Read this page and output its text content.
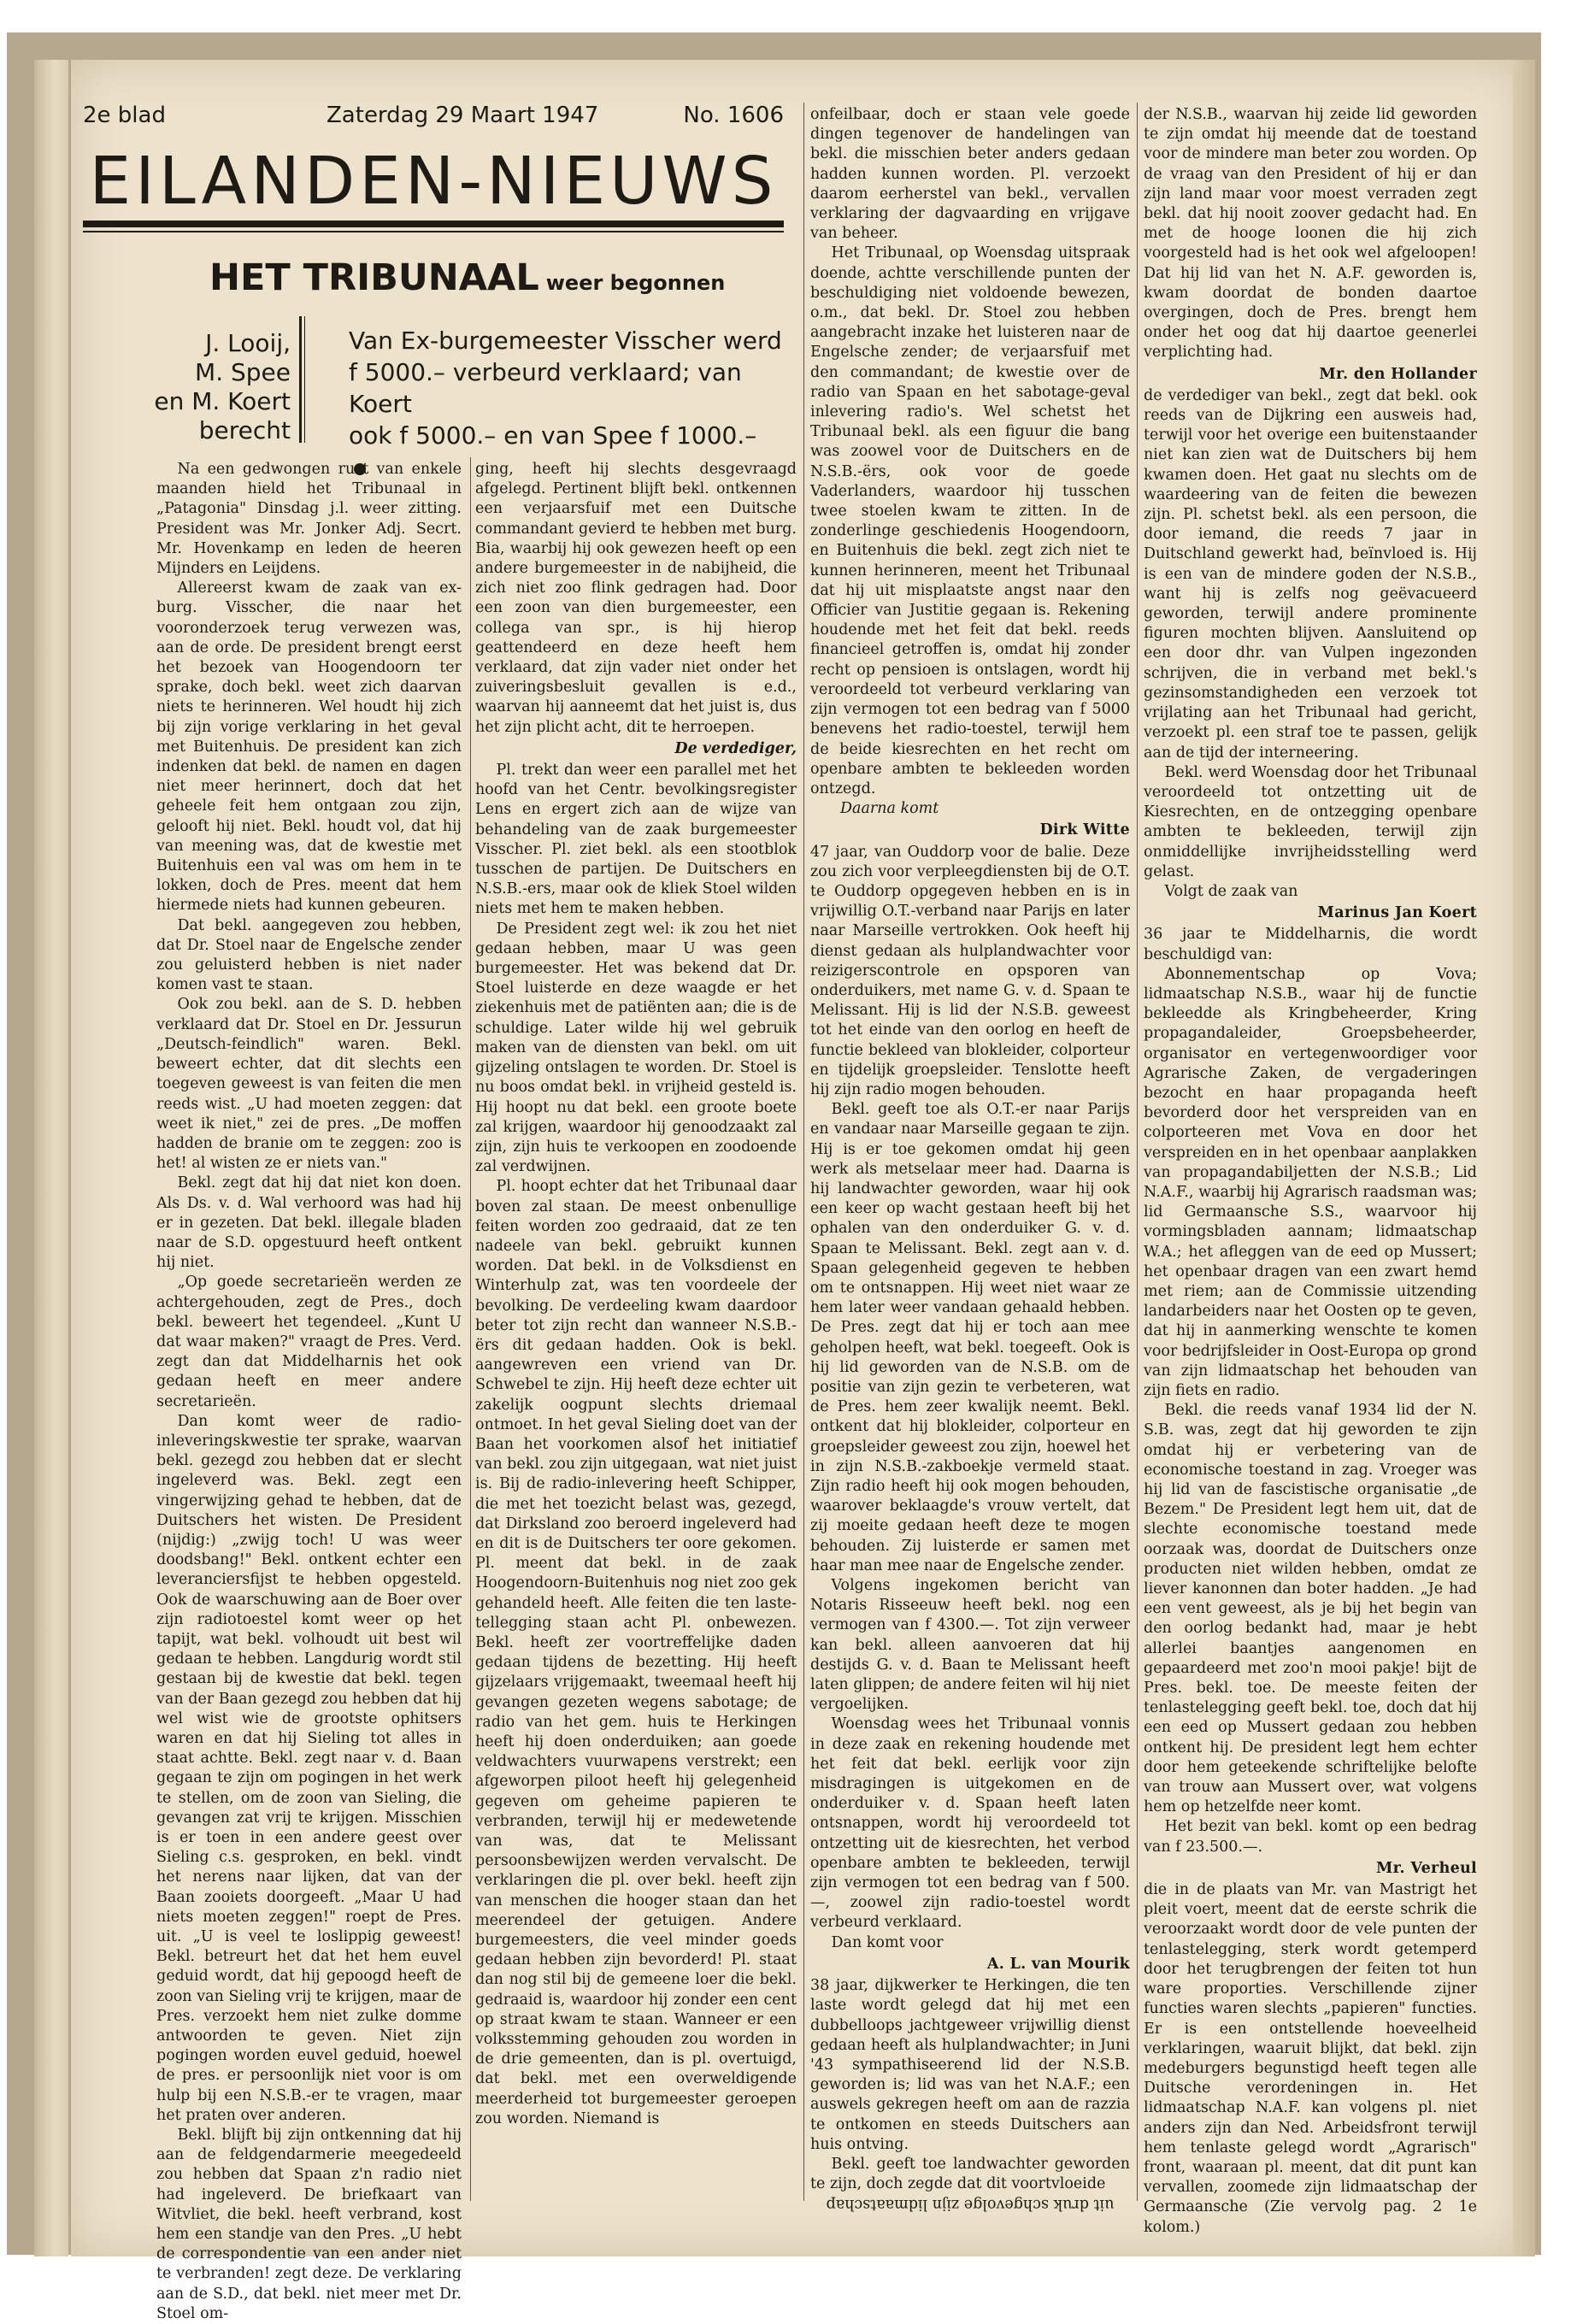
2e blad	Zaterdag 29 Maart 1947	No. 1606
EILANDEN-NIEUWS
HET TRIBUNAAL weer begonnen
J. Looij,
M. Spee
en M. Koert
berecht
Van Ex-burgemeester Visscher werd
f 5000.– verbeurd verklaard; van Koert
ook f 5000.– en van Spee f 1000.–

Na een gedwongen rust van enkele maanden hield het Tribunaal in „Patagonia" Dinsdag j.l. weer zitting. President was Mr. Jonker Adj. Secrt. Mr. Hovenkamp en leden de heeren Mijnders en Leijdens.

Allereerst kwam de zaak van ex-burg. Visscher, die naar het vooronderzoek terug verwezen was, aan de orde. De president brengt eerst het bezoek van Hoogendoorn ter sprake, doch bekl. weet zich daarvan niets te herinneren. Wel houdt hij zich bij zijn vorige verklaring in het geval met Buitenhuis. De president kan zich indenken dat bekl. de namen en dagen niet meer herinnert, doch dat het geheele feit hem ontgaan zou zijn, gelooft hij niet. Bekl. houdt vol, dat hij van meening was, dat de kwestie met Buitenhuis een val was om hem in te lokken, doch de Pres. meent dat hem hiermede niets had kunnen gebeuren.

Dat bekl. aangegeven zou hebben, dat Dr. Stoel naar de Engelsche zender zou geluisterd hebben is niet nader komen vast te staan.

Ook zou bekl. aan de S. D. hebben verklaard dat Dr. Stoel en Dr. Jessurun „Deutsch-feindlich" waren. Bekl. beweert echter, dat dit slechts een toegeven geweest is van feiten die men reeds wist. „U had moeten zeggen: dat weet ik niet," zei de pres. „De moffen hadden de branie om te zeggen: zoo is het! al wisten ze er niets van."

Bekl. zegt dat hij dat niet kon doen. Als Ds. v. d. Wal verhoord was had hij er in gezeten. Dat bekl. illegale bladen naar de S.D. opgestuurd heeft ontkent hij niet.

„Op goede secretarieën werden ze achtergehouden, zegt de Pres., doch bekl. beweert het tegendeel. „Kunt U dat waar maken?" vraagt de Pres. Verd. zegt dan dat Middelharnis het ook gedaan heeft en meer andere secretarieën.

Dan komt weer de radio-inleveringskwestie ter sprake, waarvan bekl. gezegd zou hebben dat er slecht ingeleverd was. Bekl. zegt een vingerwijzing gehad te hebben, dat de Duitschers het wisten. De President (nijdig:) „zwijg toch! U was weer doodsbang!" Bekl. ontkent echter een leveranciersfijst te hebben opgesteld. Ook de waarschuwing aan de Boer over zijn radiotoestel komt weer op het tapijt, wat bekl. volhoudt uit best wil gedaan te hebben. Langdurig wordt stil gestaan bij de kwestie dat bekl. tegen van der Baan gezegd zou hebben dat hij wel wist wie de grootste ophitsers waren en dat hij Sieling tot alles in staat achtte. Bekl. zegt naar v. d. Baan gegaan te zijn om pogingen in het werk te stellen, om de zoon van Sieling, die gevangen zat vrij te krijgen. Misschien is er toen in een andere geest over Sieling c.s. gesproken, en bekl. vindt het nerens naar lijken, dat van der Baan zooiets doorgeeft. „Maar U had niets moeten zeggen!" roept de Pres. uit. „U is veel te loslippig geweest! Bekl. betreurt het dat het hem euvel geduid wordt, dat hij gepoogd heeft de zoon van Sieling vrij te krijgen, maar de Pres. verzoekt hem niet zulke domme antwoorden te geven. Niet zijn pogingen worden euvel geduid, hoewel de pres. er persoonlijk niet voor is om hulp bij een N.S.B.-er te vragen, maar het praten over anderen.

Bekl. blijft bij zijn ontkenning dat hij aan de feldgendarmerie meegedeeld zou hebben dat Spaan z'n radio niet had ingeleverd. De briefkaart van Witvliet, die bekl. heeft verbrand, kost hem een standje van den Pres. „U hebt de correspondentie van een ander niet te verbranden! zegt deze. De verklaring aan de S.D., dat bekl. niet meer met Dr. Stoel om-

ging, heeft hij slechts desgevraagd afgelegd. Pertinent blijft bekl. ontkennen een verjaarsfuif met een Duitsche commandant gevierd te hebben met burg. Bia, waarbij hij ook gewezen heeft op een andere burgemeester in de nabijheid, die zich niet zoo flink gedragen had. Door een zoon van dien burgemeester, een collega van spr., is hij hierop geattendeerd en deze heeft hem verklaard, dat zijn vader niet onder het zuiveringsbesluit gevallen is e.d., waarvan hij aanneemt dat het juist is, dus het zijn plicht acht, dit te herroepen.

De verdediger,

Pl. trekt dan weer een parallel met het hoofd van het Centr. bevolkingsregister Lens en ergert zich aan de wijze van behandeling van de zaak burgemeester Visscher. Pl. ziet bekl. als een stootblok tusschen de partijen. De Duitschers en N.S.B.-ers, maar ook de kliek Stoel wilden niets met hem te maken hebben.

De President zegt wel: ik zou het niet gedaan hebben, maar U was geen burgemeester. Het was bekend dat Dr. Stoel luisterde en deze waagde er het ziekenhuis met de patiënten aan; die is de schuldige. Later wilde hij wel gebruik maken van de diensten van bekl. om uit gijzeling ontslagen te worden. Dr. Stoel is nu boos omdat bekl. in vrijheid gesteld is. Hij hoopt nu dat bekl. een groote boete zal krijgen, waardoor hij genoodzaakt zal zijn, zijn huis te verkoopen en zoodoende zal verdwijnen.

Pl. hoopt echter dat het Tribunaal daar boven zal staan. De meest onbenullige feiten worden zoo gedraaid, dat ze ten nadeele van bekl. gebruikt kunnen worden. Dat bekl. in de Volksdienst en Winterhulp zat, was ten voordeele der bevolking. De verdeeling kwam daardoor beter tot zijn recht dan wanneer N.S.B.-ërs dit gedaan hadden. Ook is bekl. aangewreven een vriend van Dr. Schwebel te zijn. Hij heeft deze echter uit zakelijk oogpunt slechts driemaal ontmoet. In het geval Sieling doet van der Baan het voorkomen alsof het initiatief van bekl. zou zijn uitgegaan, wat niet juist is. Bij de radio-inlevering heeft Schipper, die met het toezicht belast was, gezegd, dat Dirksland zoo beroerd ingeleverd had en dit is de Duitschers ter oore gekomen. Pl. meent dat bekl. in de zaak Hoogendoorn-Buitenhuis nog niet zoo gek gehandeld heeft. Alle feiten die ten laste-tellegging staan acht Pl. onbewezen. Bekl. heeft zer voortreffelijke daden gedaan tijdens de bezetting. Hij heeft gijzelaars vrijgemaakt, tweemaal heeft hij gevangen gezeten wegens sabotage; de radio van het gem. huis te Herkingen heeft hij doen onderduiken; aan goede veldwachters vuurwapens verstrekt; een afgeworpen piloot heeft hij gelegenheid gegeven om geheime papieren te verbranden, terwijl hij er medewetende van was, dat te Melissant persoonsbewijzen werden vervalscht. De verklaringen die pl. over bekl. heeft zijn van menschen die hooger staan dan het meerendeel der getuigen. Andere burgemeesters, die veel minder goeds gedaan hebben zijn bevorderd! Pl. staat dan nog stil bij de gemeene loer die bekl. gedraaid is, waardoor hij zonder een cent op straat kwam te staan. Wanneer er een volksstemming gehouden zou worden in de drie gemeenten, dan is pl. overtuigd, dat bekl. met een overweldigende meerderheid tot burgemeester geroepen zou worden. Niemand is

onfeilbaar, doch er staan vele goede dingen tegenover de handelingen van bekl. die misschien beter anders gedaan hadden kunnen worden. Pl. verzoekt daarom eerherstel van bekl., vervallen verklaring der dagvaarding en vrijgave van beheer.

Het Tribunaal, op Woensdag uitspraak doende, achtte verschillende punten der beschuldiging niet voldoende bewezen, o.m., dat bekl. Dr. Stoel zou hebben aangebracht inzake het luisteren naar de Engelsche zender; de verjaarsfuif met den commandant; de kwestie over de radio van Spaan en het sabotage-geval inlevering radio's. Wel schetst het Tribunaal bekl. als een figuur die bang was zoowel voor de Duitschers en de N.S.B.-ërs, ook voor de goede Vaderlanders, waardoor hij tusschen twee stoelen kwam te zitten. In de zonderlinge geschiedenis Hoogendoorn, en Buitenhuis die bekl. zegt zich niet te kunnen herinneren, meent het Tribunaal dat hij uit misplaatste angst naar den Officier van Justitie gegaan is. Rekening houdende met het feit dat bekl. reeds financieel getroffen is, omdat hij zonder recht op pensioen is ontslagen, wordt hij veroordeeld tot verbeurd verklaring van zijn vermogen tot een bedrag van f 5000 benevens het radio-toestel, terwijl hem de beide kiesrechten en het recht om openbare ambten te bekleeden worden ontzegd.

Daarna komt

Dirk Witte

47 jaar, van Ouddorp voor de balie. Deze zou zich voor verpleegdiensten bij de O.T. te Ouddorp opgegeven hebben en is in vrijwillig O.T.-verband naar Parijs en later naar Marseille vertrokken. Ook heeft hij dienst gedaan als hulplandwachter voor reizigerscontrole en opsporen van onderduikers, met name G. v. d. Spaan te Melissant. Hij is lid der N.S.B. geweest tot het einde van den oorlog en heeft de functie bekleed van blokleider, colporteur en tijdelijk groepsleider. Tenslotte heeft hij zijn radio mogen behouden.

Bekl. geeft toe als O.T.-er naar Parijs en vandaar naar Marseille gegaan te zijn. Hij is er toe gekomen omdat hij geen werk als metselaar meer had. Daarna is hij landwachter geworden, waar hij ook een keer op wacht gestaan heeft bij het ophalen van den onderduiker G. v. d. Spaan te Melissant. Bekl. zegt aan v. d. Spaan gelegenheid gegeven te hebben om te ontsnappen. Hij weet niet waar ze hem later weer vandaan gehaald hebben. De Pres. zegt dat hij er toch aan mee geholpen heeft, wat bekl. toegeeft. Ook is hij lid geworden van de N.S.B. om de positie van zijn gezin te verbeteren, wat de Pres. hem zeer kwalijk neemt. Bekl. ontkent dat hij blokleider, colporteur en groepsleider geweest zou zijn, hoewel het in zijn N.S.B.-zakboekje vermeld staat. Zijn radio heeft hij ook mogen behouden, waarover beklaagde's vrouw vertelt, dat zij moeite gedaan heeft deze te mogen behouden. Zij luisterde er samen met haar man mee naar de Engelsche zender.

Volgens ingekomen bericht van Notaris Risseeuw heeft bekl. nog een vermogen van f 4300.—. Tot zijn verweer kan bekl. alleen aanvoeren dat hij destijds G. v. d. Baan te Melissant heeft laten glippen; de andere feiten wil hij niet vergoelijken.

Woensdag wees het Tribunaal vonnis in deze zaak en rekening houdende met het feit dat bekl. eerlijk voor zijn misdragingen is uitgekomen en de onderduiker v. d. Spaan heeft laten ontsnappen, wordt hij veroordeeld tot ontzetting uit de kiesrechten, het verbod openbare ambten te bekleeden, terwijl zijn vermogen tot een bedrag van f 500.—, zoowel zijn radio-toestel wordt verbeurd verklaard.

Dan komt voor

A. L. van Mourik

38 jaar, dijkwerker te Herkingen, die ten laste wordt gelegd dat hij met een dubbelloops jachtgeweer vrijwillig dienst gedaan heeft als hulplandwachter; in Juni '43 sympathiseerend lid der N.S.B. geworden is; lid was van het N.A.F.; een auswels gekregen heeft om aan de razzia te ontkomen en steeds Duitschers aan huis ontving.

Bekl. geeft toe landwachter geworden te zijn, doch zegde dat dit voortvloeide

uit druk schgevolge zijn lidmaatschap

der N.S.B., waarvan hij zeide lid geworden te zijn omdat hij meende dat de toestand voor de mindere man beter zou worden. Op de vraag van den President of hij er dan zijn land maar voor moest verraden zegt bekl. dat hij nooit zoover gedacht had. En met de hooge loonen die hij zich voorgesteld had is het ook wel afgeloopen! Dat hij lid van het N. A.F. geworden is, kwam doordat de bonden daartoe overgingen, doch de Pres. brengt hem onder het oog dat hij daartoe geenerlei verplichting had.

Mr. den Hollander

de verdediger van bekl., zegt dat bekl. ook reeds van de Dijkring een ausweis had, terwijl voor het overige een buitenstaander niet kan zien wat de Duitschers bij hem kwamen doen. Het gaat nu slechts om de waardeering van de feiten die bewezen zijn. Pl. schetst bekl. als een persoon, die door iemand, die reeds 7 jaar in Duitschland gewerkt had, beïnvloed is. Hij is een van de mindere goden der N.S.B., want hij is zelfs nog geëvacueerd geworden, terwijl andere prominente figuren mochten blijven. Aansluitend op een door dhr. van Vulpen ingezonden schrijven, die in verband met bekl.'s gezinsomstandigheden een verzoek tot vrijlating aan het Tribunaal had gericht, verzoekt pl. een straf toe te passen, gelijk aan de tijd der interneering.

Bekl. werd Woensdag door het Tribunaal veroordeeld tot ontzetting uit de Kiesrechten, en de ontzegging openbare ambten te bekleeden, terwijl zijn onmiddellijke invrijheidsstelling werd gelast.

Volgt de zaak van

Marinus Jan Koert

36 jaar te Middelharnis, die wordt beschuldigd van:

Abonnementschap op Vova; lidmaatschap N.S.B., waar hij de functie bekleedde als Kringbeheerder, Kring propagandaleider, Groepsbeheerder, organisator en vertegenwoordiger voor Agrarische Zaken, de vergaderingen bezocht en haar propaganda heeft bevorderd door het verspreiden van en colporteeren met Vova en door het verspreiden en in het openbaar aanplakken van propagandabiljetten der N.S.B.; Lid N.A.F., waarbij hij Agrarisch raadsman was; lid Germaansche S.S., waarvoor hij vormingsbladen aannam; lidmaatschap W.A.; het afleggen van de eed op Mussert; het openbaar dragen van een zwart hemd met riem; aan de Commissie uitzending landarbeiders naar het Oosten op te geven, dat hij in aanmerking wenschte te komen voor bedrijfsleider in Oost-Europa op grond van zijn lidmaatschap het behouden van zijn fiets en radio.

Bekl. die reeds vanaf 1934 lid der N. S.B. was, zegt dat hij geworden te zijn omdat hij er verbetering van de economische toestand in zag. Vroeger was hij lid van de fascistische organisatie „de Bezem." De President legt hem uit, dat de slechte economische toestand mede oorzaak was, doordat de Duitschers onze producten niet wilden hebben, omdat ze liever kanonnen dan boter hadden. „Je had een vent geweest, als je bij het begin van den oorlog bedankt had, maar je hebt allerlei baantjes aangenomen en gepaardeerd met zoo'n mooi pakje! bijt de Pres. bekl. toe. De meeste feiten der tenlastelegging geeft bekl. toe, doch dat hij een eed op Mussert gedaan zou hebben ontkent hij. De president legt hem echter door hem geteekende schriftelijke belofte van trouw aan Mussert over, wat volgens hem op hetzelfde neer komt.

Het bezit van bekl. komt op een bedrag van f 23.500.—.

Mr. Verheul

die in de plaats van Mr. van Mastrigt het pleit voert, meent dat de eerste schrik die veroorzaakt wordt door de vele punten der tenlastelegging, sterk wordt getemperd door het terugbrengen der feiten tot hun ware proporties. Verschillende zijner functies waren slechts „papieren" functies. Er is een ontstellende hoeveelheid verklaringen, waaruit blijkt, dat bekl. zijn medeburgers begunstigd heeft tegen alle Duitsche verordeningen in. Het lidmaatschap N.A.F. kan volgens pl. niet anders zijn dan Ned. Arbeidsfront terwijl hem tenlaste gelegd wordt „Agrarisch" front, waaraan pl. meent, dat dit punt kan vervallen, zoomede zijn lidmaatschap der Germaansche (Zie vervolg pag. 2 1e kolom.)
